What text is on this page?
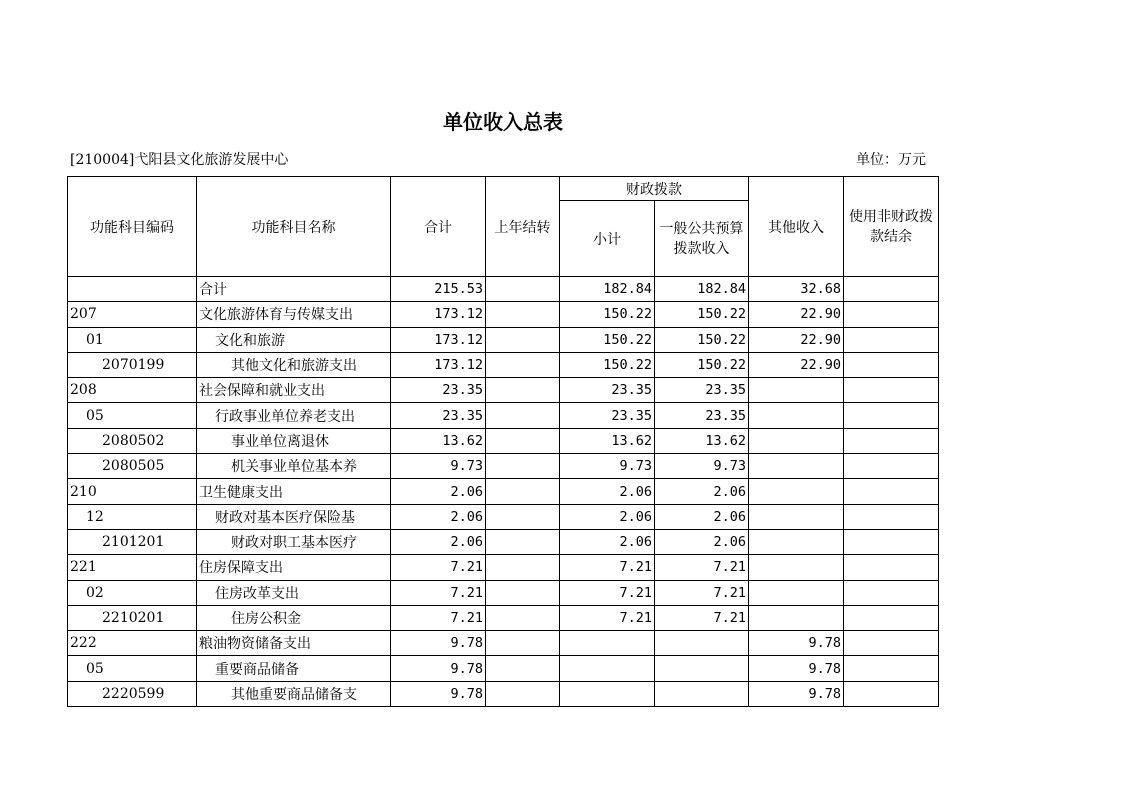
单位收入总表
[210004]弋阳县文化旅游发展中心	单位：万元
功能科目编码	功能科目名称	合计	上年结转	财政拨款		其他收入	使用非财政拨款结余
				小计	一般公共预算拨款收入		
	合计	215.53		182.84	182.84	32.68	
207	文化旅游体育与传媒支出	173.12		150.22	150.22	22.90	
01	文化和旅游	173.12		150.22	150.22	22.90	
2070199	其他文化和旅游支出	173.12		150.22	150.22	22.90	
208	社会保障和就业支出	23.35		23.35	23.35		
05	行政事业单位养老支出	23.35		23.35	23.35		
2080502	事业单位离退休	13.62		13.62	13.62		
2080505	机关事业单位基本养	9.73		9.73	9.73		
210	卫生健康支出	2.06		2.06	2.06		
12	财政对基本医疗保险基	2.06		2.06	2.06		
2101201	财政对职工基本医疗	2.06		2.06	2.06		
221	住房保障支出	7.21		7.21	7.21		
02	住房改革支出	7.21		7.21	7.21		
2210201	住房公积金	7.21		7.21	7.21		
222	粮油物资储备支出	9.78				9.78	
05	重要商品储备	9.78				9.78	
2220599	其他重要商品储备支	9.78				9.78	
